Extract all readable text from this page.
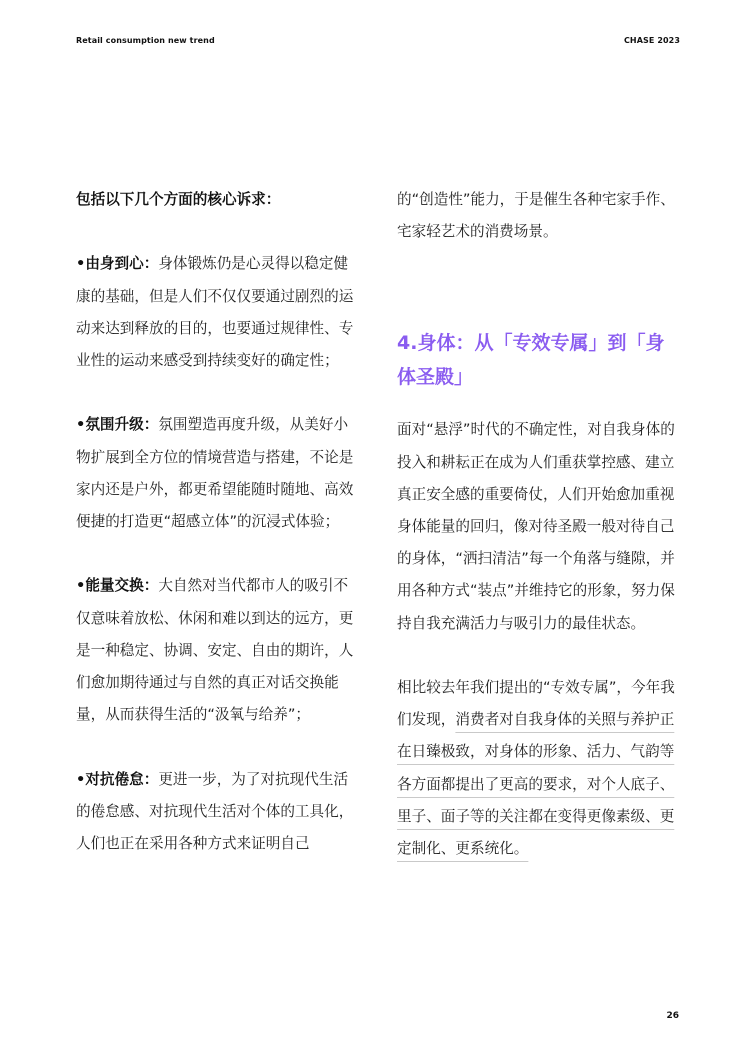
Retail consumption new trend	CHASE 2023

包括以下几个方面的核心诉求：

•由身到心：身体锻炼仍是心灵得以稳定健康的基础，但是人们不仅仅要通过剧烈的运动来达到释放的目的，也要通过规律性、专业性的运动来感受到持续变好的确定性；

•氛围升级：氛围塑造再度升级，从美好小物扩展到全方位的情境营造与搭建，不论是家内还是户外，都更希望能随时随地、高效便捷的打造更“超感立体”的沉浸式体验；

•能量交换：大自然对当代都市人的吸引不仅意味着放松、休闲和难以到达的远方，更是一种稳定、协调、安定、自由的期许，人们愈加期待通过与自然的真正对话交换能量，从而获得生活的“汲氧与给养”；

•对抗倦怠：更进一步，为了对抗现代生活的倦怠感、对抗现代生活对个体的工具化，人们也正在采用各种方式来证明自己

的“创造性”能力，于是催生各种宅家手作、宅家轻艺术的消费场景。

4.身体：从「专效专属」到「身体圣殿」

面对“悬浮”时代的不确定性，对自我身体的投入和耕耘正在成为人们重获掌控感、建立真正安全感的重要倚仗，人们开始愈加重视身体能量的回归，像对待圣殿一般对待自己的身体，“洒扫清洁”每一个角落与缝隙，并用各种方式“装点”并维持它的形象，努力保持自我充满活力与吸引力的最佳状态。

相比较去年我们提出的“专效专属”，今年我们发现，消费者对自我身体的关照与养护正在日臻极致，对身体的形象、活力、气韵等各方面都提出了更高的要求，对个人底子、里子、面子等的关注都在变得更像素级、更定制化、更系统化。

26
